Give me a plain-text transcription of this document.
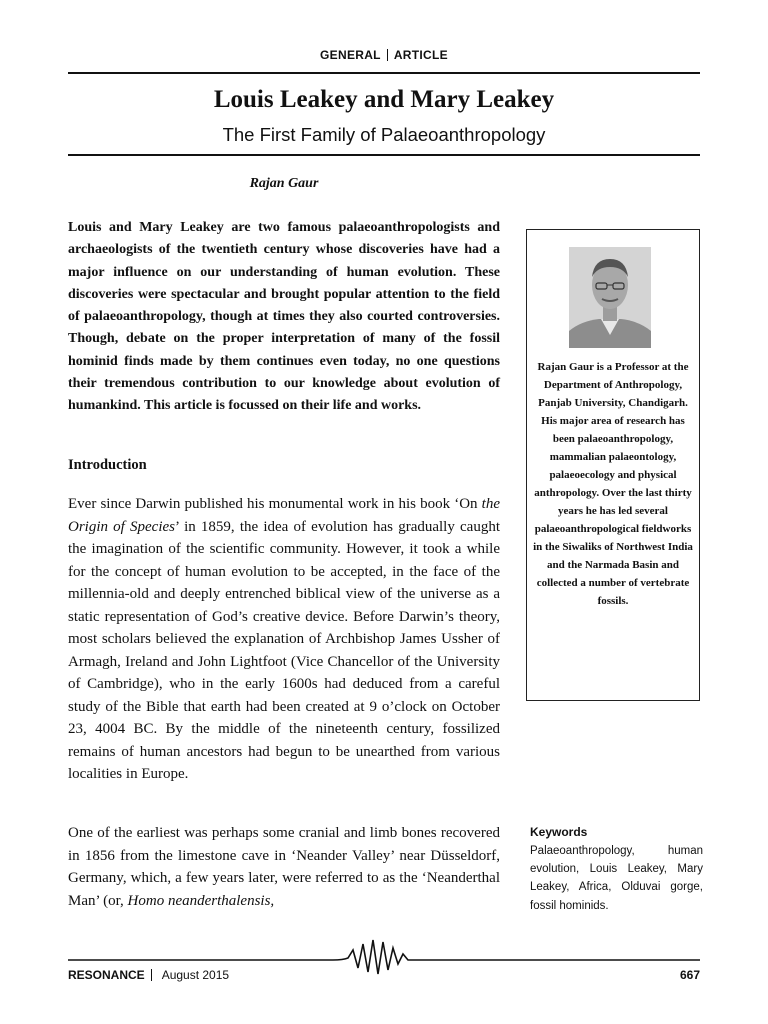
GENERAL ARTICLE
Louis Leakey and Mary Leakey
The First Family of Palaeoanthropology
Rajan Gaur

Louis and Mary Leakey are two famous palaeoanthropologists and archaeologists of the twentieth century whose discoveries have had a major influence on our understanding of human evolution. These discoveries were spectacular and brought popular attention to the field of palaeoanthropology, though at times they also courted controversies. Though, debate on the proper interpretation of many of the fossil hominid finds made by them continues even today, no one questions their tremendous contribution to our knowledge about evolution of humankind. This article is focussed on their life and works.

Introduction

Ever since Darwin published his monumental work in his book ‘On the Origin of Species’ in 1859, the idea of evolution has gradually caught the imagination of the scientific community. However, it took a while for the concept of human evolution to be accepted, in the face of the millennia-old and deeply entrenched biblical view of the universe as a static representation of God’s creative device. Before Darwin’s theory, most scholars believed the explanation of Archbishop James Ussher of Armagh, Ireland and John Lightfoot (Vice Chancellor of the University of Cambridge), who in the early 1600s had deduced from a careful study of the Bible that earth had been created at 9 o’clock on October 23, 4004 BC. By the middle of the nineteenth century, fossilized remains of human ancestors had begun to be unearthed from various localities in Europe.

One of the earliest was perhaps some cranial and limb bones recovered in 1856 from the limestone cave in ‘Neander Valley’ near Düsseldorf, Germany, which, a few years later, were referred to as the ‘Neanderthal Man’ (or, Homo neanderthalensis,

Rajan Gaur is a Professor at the Department of Anthropology, Panjab University, Chandigarh. His major area of research has been palaeoanthropology, mammalian palaeontology, palaeoecology and physical anthropology. Over the last thirty years he has led several palaeoanthropological fieldworks in the Siwaliks of Northwest India and the Narmada Basin and collected a number of vertebrate fossils.

Keywords

Palaeoanthropology, human evolution, Louis Leakey, Mary Leakey, Africa, Olduvai gorge, fossil hominids.

RESONANCE August 2015	667
